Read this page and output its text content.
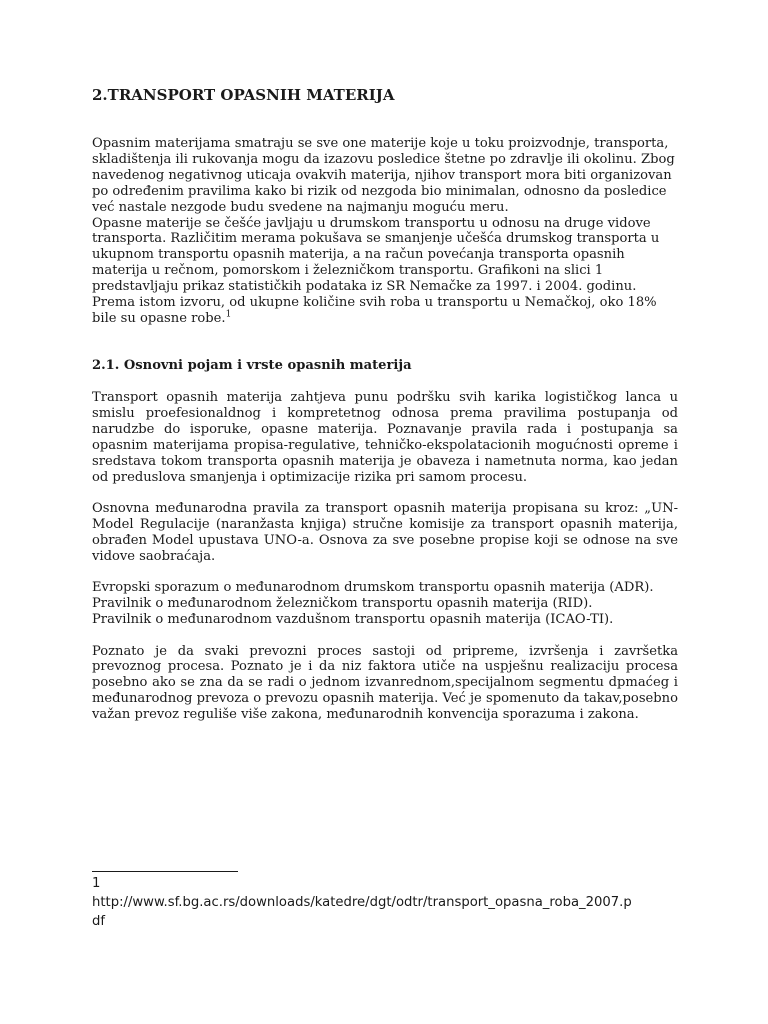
2.TRANSPORT OPASNIH MATERIJA

Opasnim materijama smatraju se sve one materije koje u toku proizvodnje, transporta, skladištenja ili rukovanja mogu da izazovu posledice štetne po zdravlje ili okolinu. Zbog navedenog negativnog uticaja ovakvih materija, njihov transport mora biti organizovan po određenim pravilima kako bi rizik od nezgoda bio minimalan, odnosno da posledice već nastale nezgode budu svedene na najmanju moguću meru.

Opasne materije se češće javljaju u drumskom transportu u odnosu na druge vidove transporta. Različitim merama pokušava se smanjenje učešća drumskog transporta u ukupnom transportu opasnih materija, a na račun povećanja transporta opasnih materija u rečnom, pomorskom i železničkom transportu. Grafikoni na slici 1 predstavljaju prikaz statističkih podataka iz SR Nemačke za 1997. i 2004. godinu. Prema istom izvoru, od ukupne količine svih roba u transportu u Nemačkoj, oko 18% bile su opasne robe.$^1$

2.1. Osnovni pojam i vrste opasnih materija

Transport opasnih materija zahtjeva punu podršku svih karika logističkog lanca u smislu proefesionaldnog i kompretetnog odnosa prema pravilima postupanja od narudzbe do isporuke, opasne materija. Poznavanje pravila rada i postupanja sa opasnim materijama propisa-regulative, tehničko-ekspolatacionih mogućnosti opreme i sredstava tokom transporta opasnih materija je obaveza i nametnuta norma, kao jedan od preduslova smanjenja i optimizacije rizika pri samom procesu.

Osnovna međunarodna pravila za transport opasnih materija propisana su kroz: „UN-Model Regulacije (naranžasta knjiga) stručne komisije za transport opasnih materija, obrađen Model upustava UNO-a. Osnova za sve posebne propise koji se odnose na sve vidove saobraćaja.

Evropski sporazum o međunarodnom drumskom transportu opasnih materija (ADR).
Pravilnik o međunarodnom železničkom transportu opasnih materija (RID).
Pravilnik o međunarodnom vazdušnom transportu opasnih materija (ICAO-TI).

Poznato je da svaki prevozni proces sastoji od pripreme, izvršenja i završetka prevoznog procesa. Poznato je i da niz faktora utiče na uspješnu realizaciju procesa posebno ako se zna da se radi o jednom izvanrednom,specijalnom segmentu dpmaćeg i međunarodnog prevoza o prevozu opasnih materija. Već je spomenuto da takav,posebno važan prevoz reguliše više zakona, međunarodnih konvencija sporazuma i zakona.

1
http://www.sf.bg.ac.rs/downloads/katedre/dgt/odtr/transport_opasna_roba_2007.p
df
